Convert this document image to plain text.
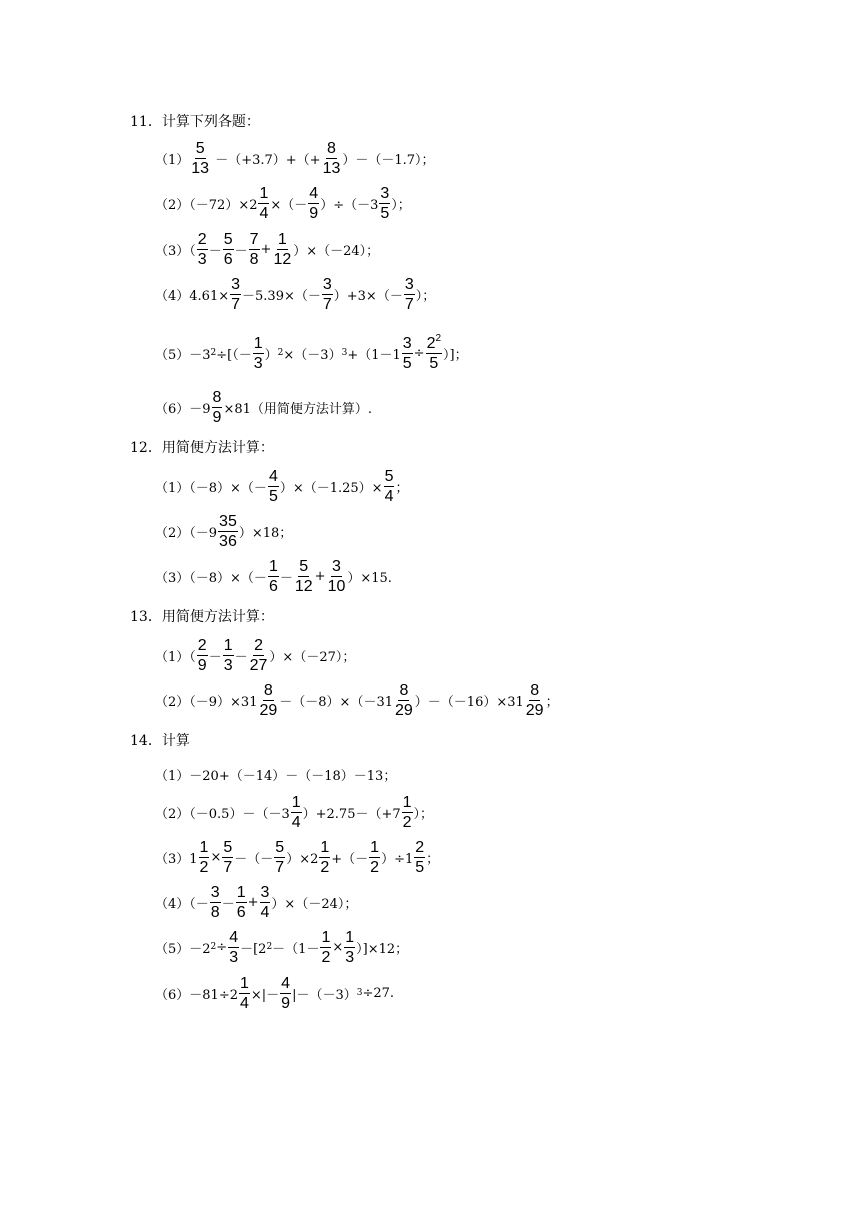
11．计算下列各题：
$(1) \frac{5}{13} -(+3.7)+(+ \frac{8}{13} )-(-1.7)$；
$(2)(-72)\times 2 \frac{1}{4}$ ×（－ $\frac{4}{9} )\div(-3 \frac{3}{5}$ ）；
$(3)( \frac{2}{3} - \frac{5}{6} - \frac{7}{8} + \frac{1}{12} )\times(-24)$；
$(4)4.61\times \frac{3}{7} -5.39\times(- \frac{3}{7} )+3\times(- \frac{3}{7}$ ）；
（5）－3 2 ÷[（－ $\frac{1}{3}$ ） 2 ×（－3） $3 +(1-1 \frac{3}{5} \div \frac{2^2}{5}$ ）]；
$(6)-9 \frac{8}{9} \times 81$（用简便方法计算）.
12．用简便方法计算：
$(1)(-8)\times(- \frac{4}{5} )\times(-1.25)\times \frac{5}{4}$ ；
$(2)(-9 \frac{35}{36} )\times 18$；
$(3)(-8)\times(- \frac{1}{6} - \frac{5}{12} + \frac{3}{10} )\times 15$.
13．用简便方法计算：
$(1)( \frac{2}{9} - \frac{1}{3} - \frac{2}{27} )\times(-27)$；
$(2)(-9)\times 31 \frac{8}{29} -(-8)\times(-31 \frac{8}{29} )-(-16)\times 31 \frac{8}{29}$ ；
14．计算
（1）－20+（－14）－（－18）－13；
$(2)(-0.5)-(-3 \frac{1}{4} )+2.75-(+7 \frac{1}{2}$ ）；
$(3)1 \frac{1}{2} \times \frac{5}{7}$ －（－ $\frac{5}{7} )\times 2 \frac{1}{2}$ +（－ $\frac{1}{2} )\div 1 \frac{2}{5}$ ；
$(4)(- \frac{3}{8} - \frac{1}{6} + \frac{3}{4} )\times(-24)$；
（5）－2 $2 \div \frac{4}{3} -[2$ $2 -(1- \frac{1}{2} \times \frac{1}{3} )]\times 12$；
$(6)-81\div 2 \frac{1}{4}$ ×|－ $\frac{4}{9} |-(-3)$ 3 ÷27.
